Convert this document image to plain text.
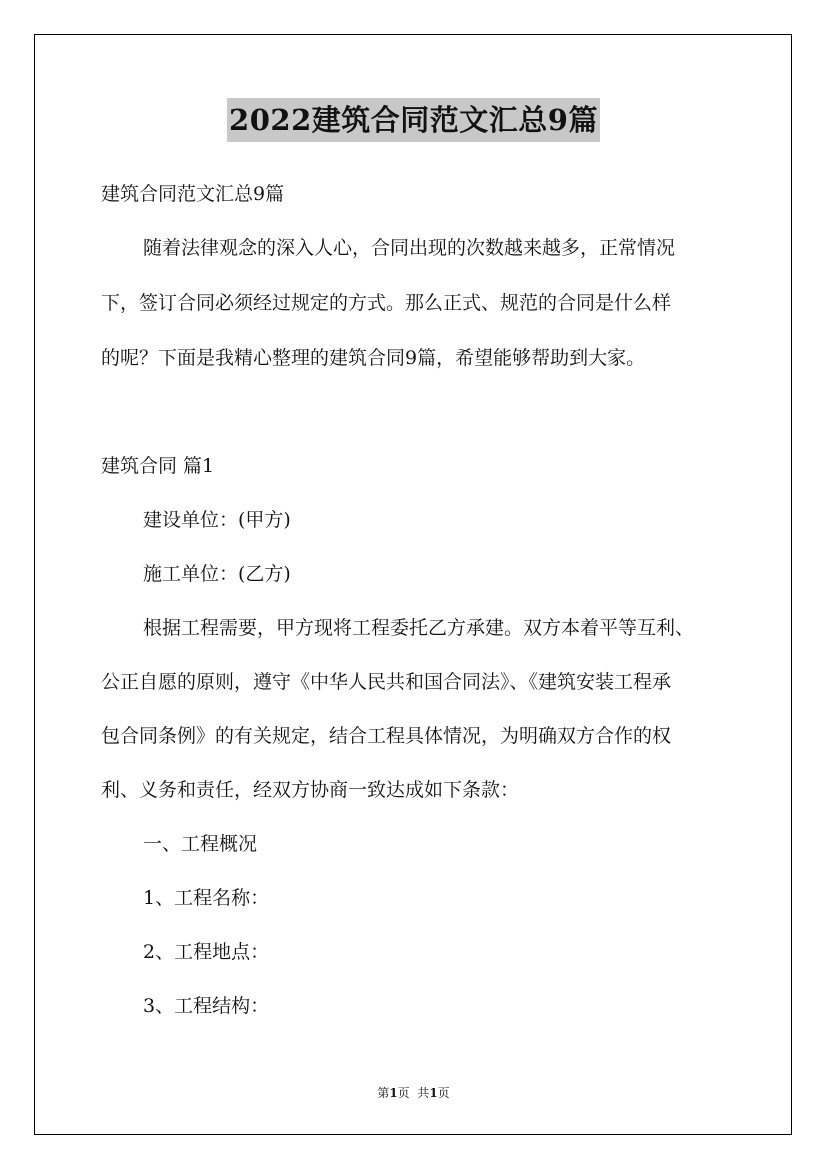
2022建筑合同范文汇总9篇
建筑合同范文汇总9篇
随着法律观念的深入人心，合同出现的次数越来越多，正常情况
下，签订合同必须经过规定的方式。那么正式、规范的合同是什么样
的呢？下面是我精心整理的建筑合同9篇，希望能够帮助到大家。
建筑合同 篇1
建设单位：(甲方)
施工单位：(乙方)
根据工程需要，甲方现将工程委托乙方承建。双方本着平等互利、
公正自愿的原则，遵守《中华人民共和国合同法》、《建筑安装工程承
包合同条例》的有关规定，结合工程具体情况，为明确双方合作的权
利、义务和责任，经双方协商一致达成如下条款：
一、工程概况
1、工程名称：
2、工程地点：
3、工程结构：
第1页  共1页
